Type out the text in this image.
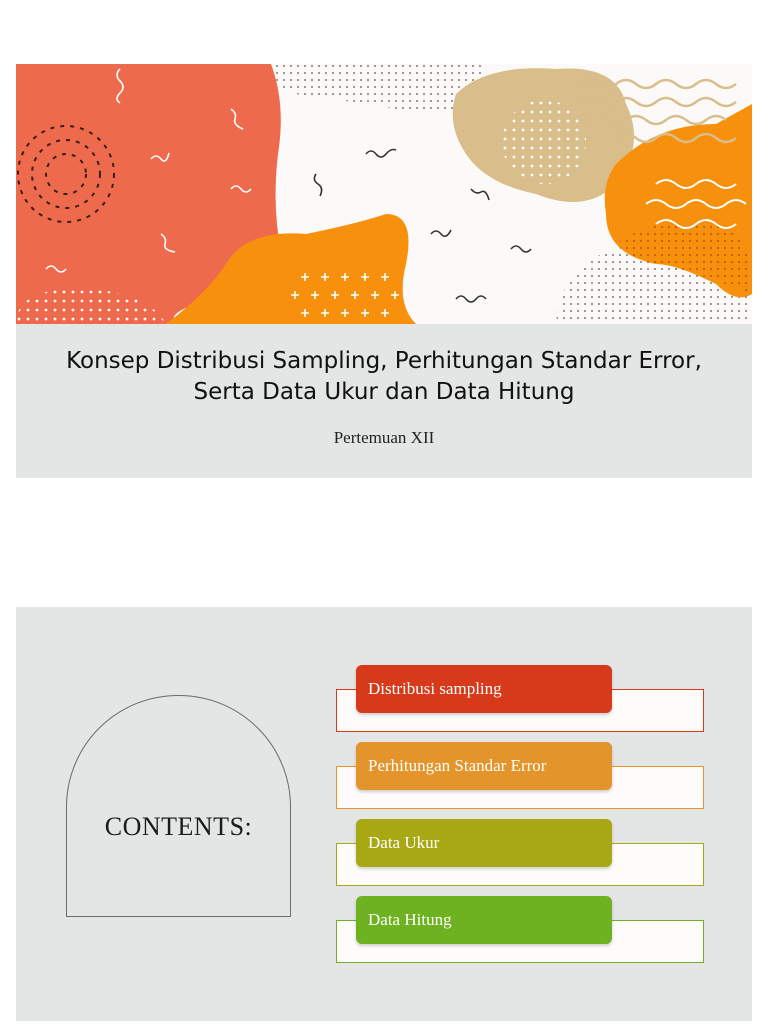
Konsep Distribusi Sampling, Perhitungan Standar Error, Serta Data Ukur dan Data Hitung
Pertemuan XII
CONTENTS:
Distribusi sampling
Perhitungan Standar Error
Data Ukur
Data Hitung
